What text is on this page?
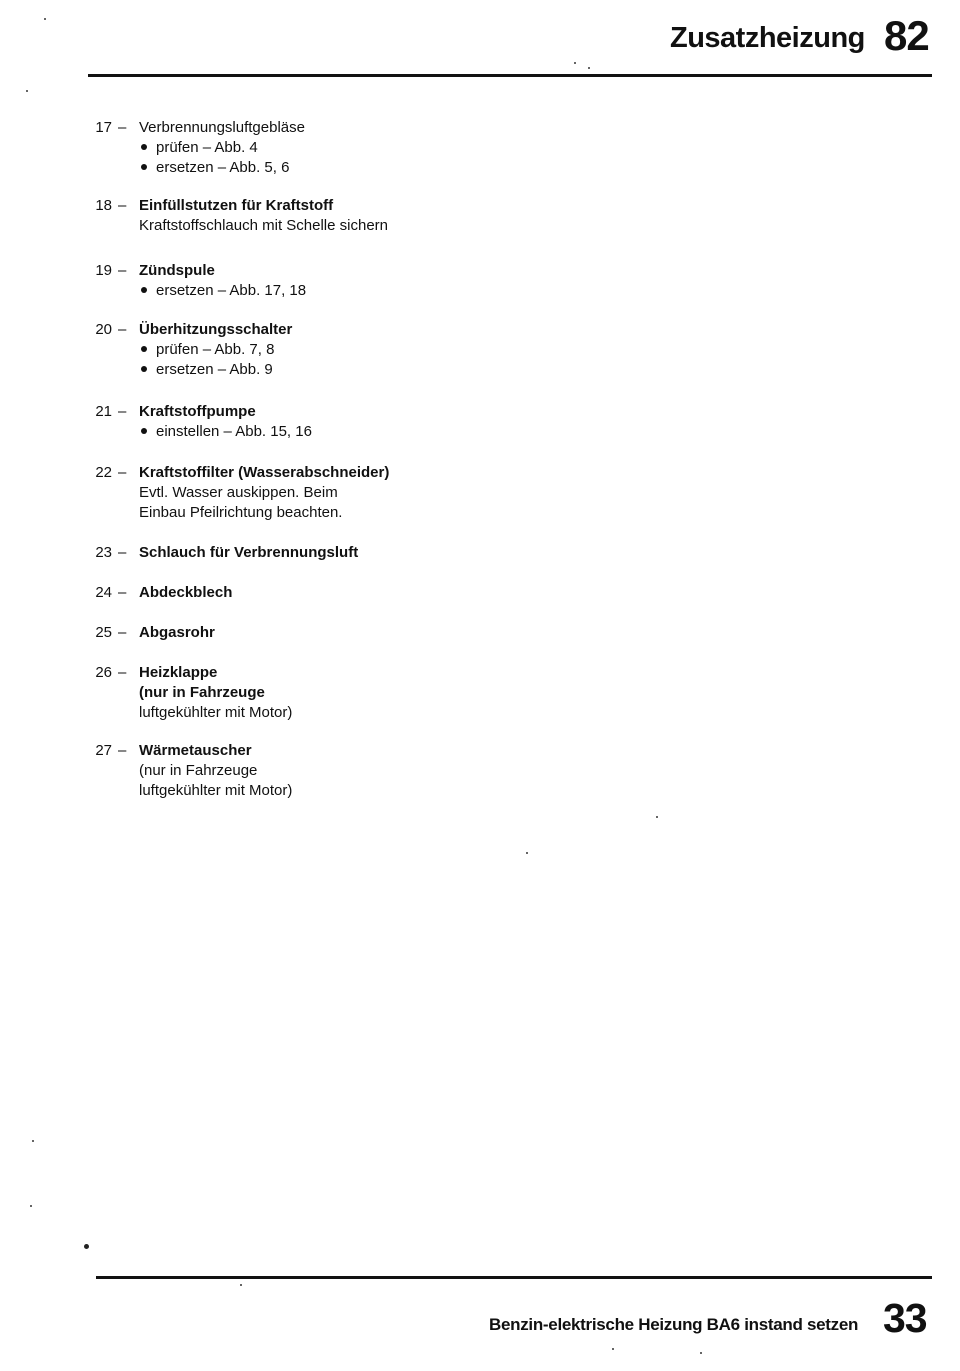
Zusatzheizung 82
17 – Verbrennungsluftgebläse
prüfen – Abb. 4
ersetzen – Abb. 5, 6
18 – Einfüllstutzen für Kraftstoff
Kraftstoffschlauch mit Schelle sichern
19 – Zündspule
ersetzen – Abb. 17, 18
20 – Überhitzungsschalter
prüfen – Abb. 7, 8
ersetzen – Abb. 9
21 – Kraftstoffpumpe
einstellen – Abb. 15, 16
22 – Kraftstoffilter (Wasserabschneider)
Evtl. Wasser auskippen. Beim
Einbau Pfeilrichtung beachten.
23 – Schlauch für Verbrennungsluft
24 – Abdeckblech
25 – Abgasrohr
26 – Heizklappe
(nur in Fahrzeuge
luftgekühlter mit Motor)
27 – Wärmetauscher
(nur in Fahrzeuge
luftgekühlter mit Motor)
Benzin-elektrische Heizung BA6 instand setzen 33
